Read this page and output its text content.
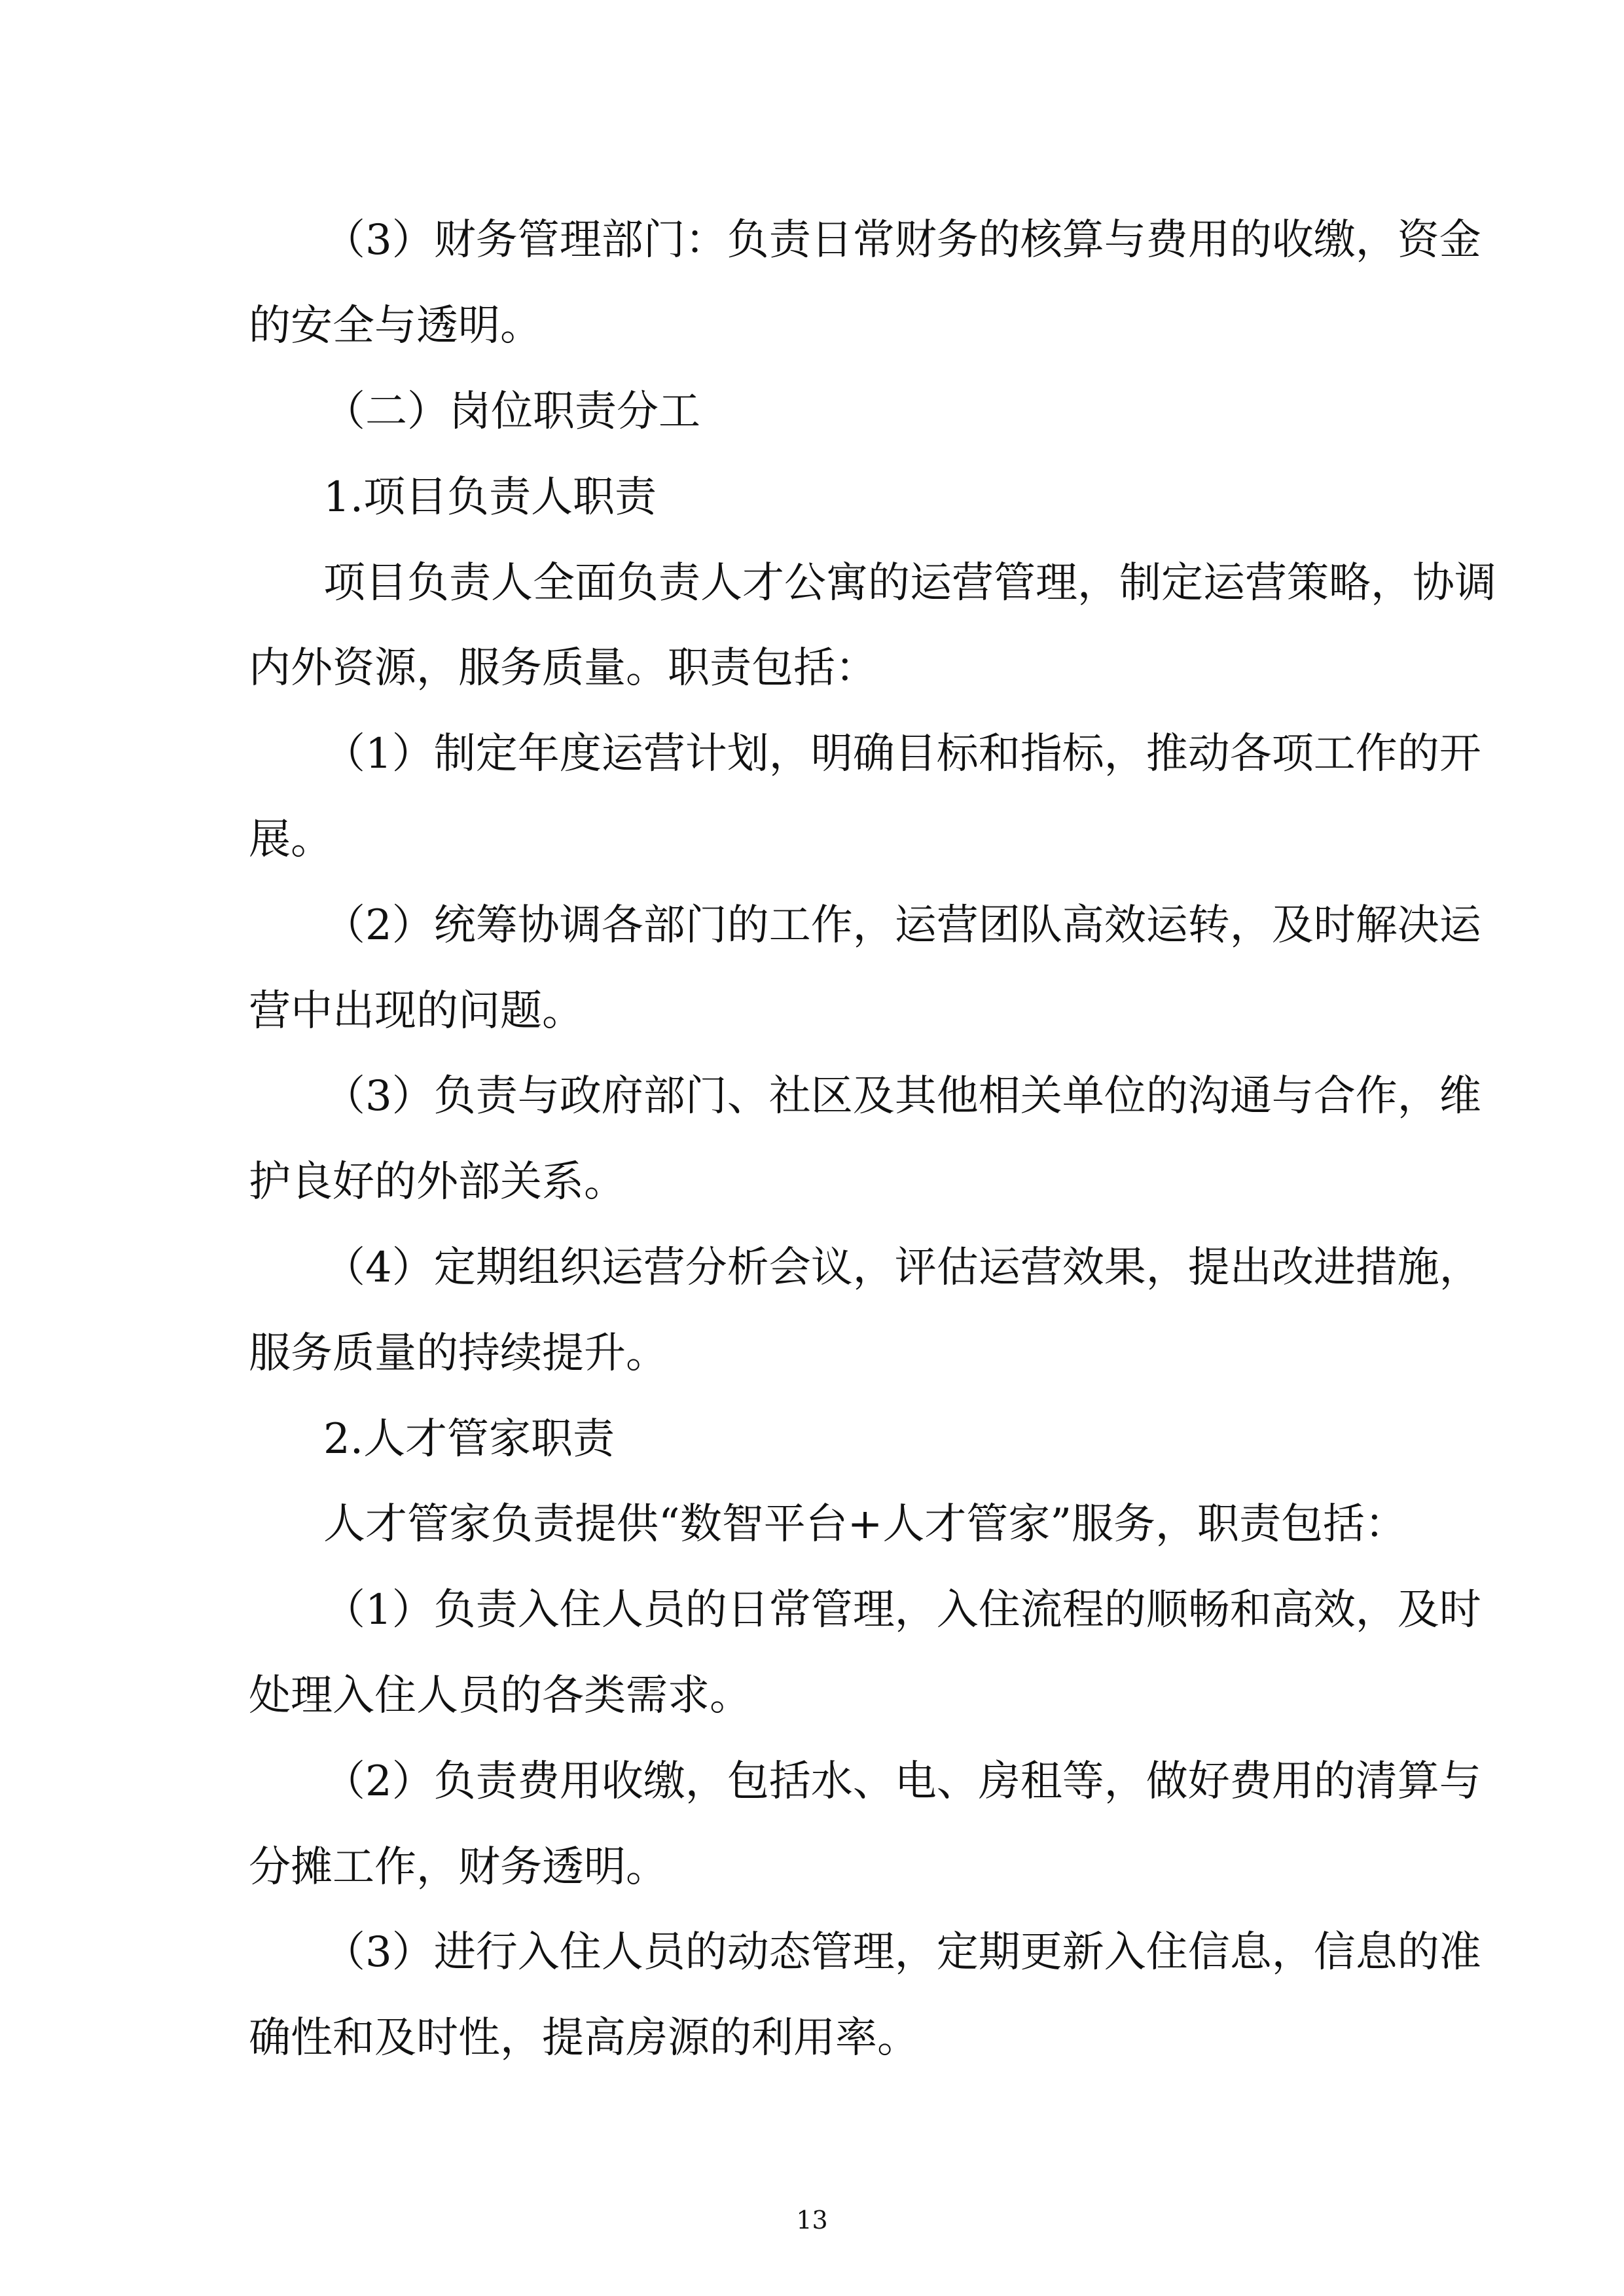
（3）财务管理部门：负责日常财务的核算与费用的收缴，资金
的安全与透明。
（二）岗位职责分工
1.项目负责人职责
项目负责人全面负责人才公寓的运营管理，制定运营策略，协调
内外资源，服务质量。职责包括：
（1）制定年度运营计划，明确目标和指标，推动各项工作的开
展。
（2）统筹协调各部门的工作，运营团队高效运转，及时解决运
营中出现的问题。
（3）负责与政府部门、社区及其他相关单位的沟通与合作，维
护良好的外部关系。
（4）定期组织运营分析会议，评估运营效果，提出改进措施，
服务质量的持续提升。
2.人才管家职责
人才管家负责提供“数智平台+人才管家”服务，职责包括：
（1）负责入住人员的日常管理，入住流程的顺畅和高效，及时
处理入住人员的各类需求。
（2）负责费用收缴，包括水、电、房租等，做好费用的清算与
分摊工作，财务透明。
（3）进行入住人员的动态管理，定期更新入住信息，信息的准
确性和及时性，提高房源的利用率。
13
